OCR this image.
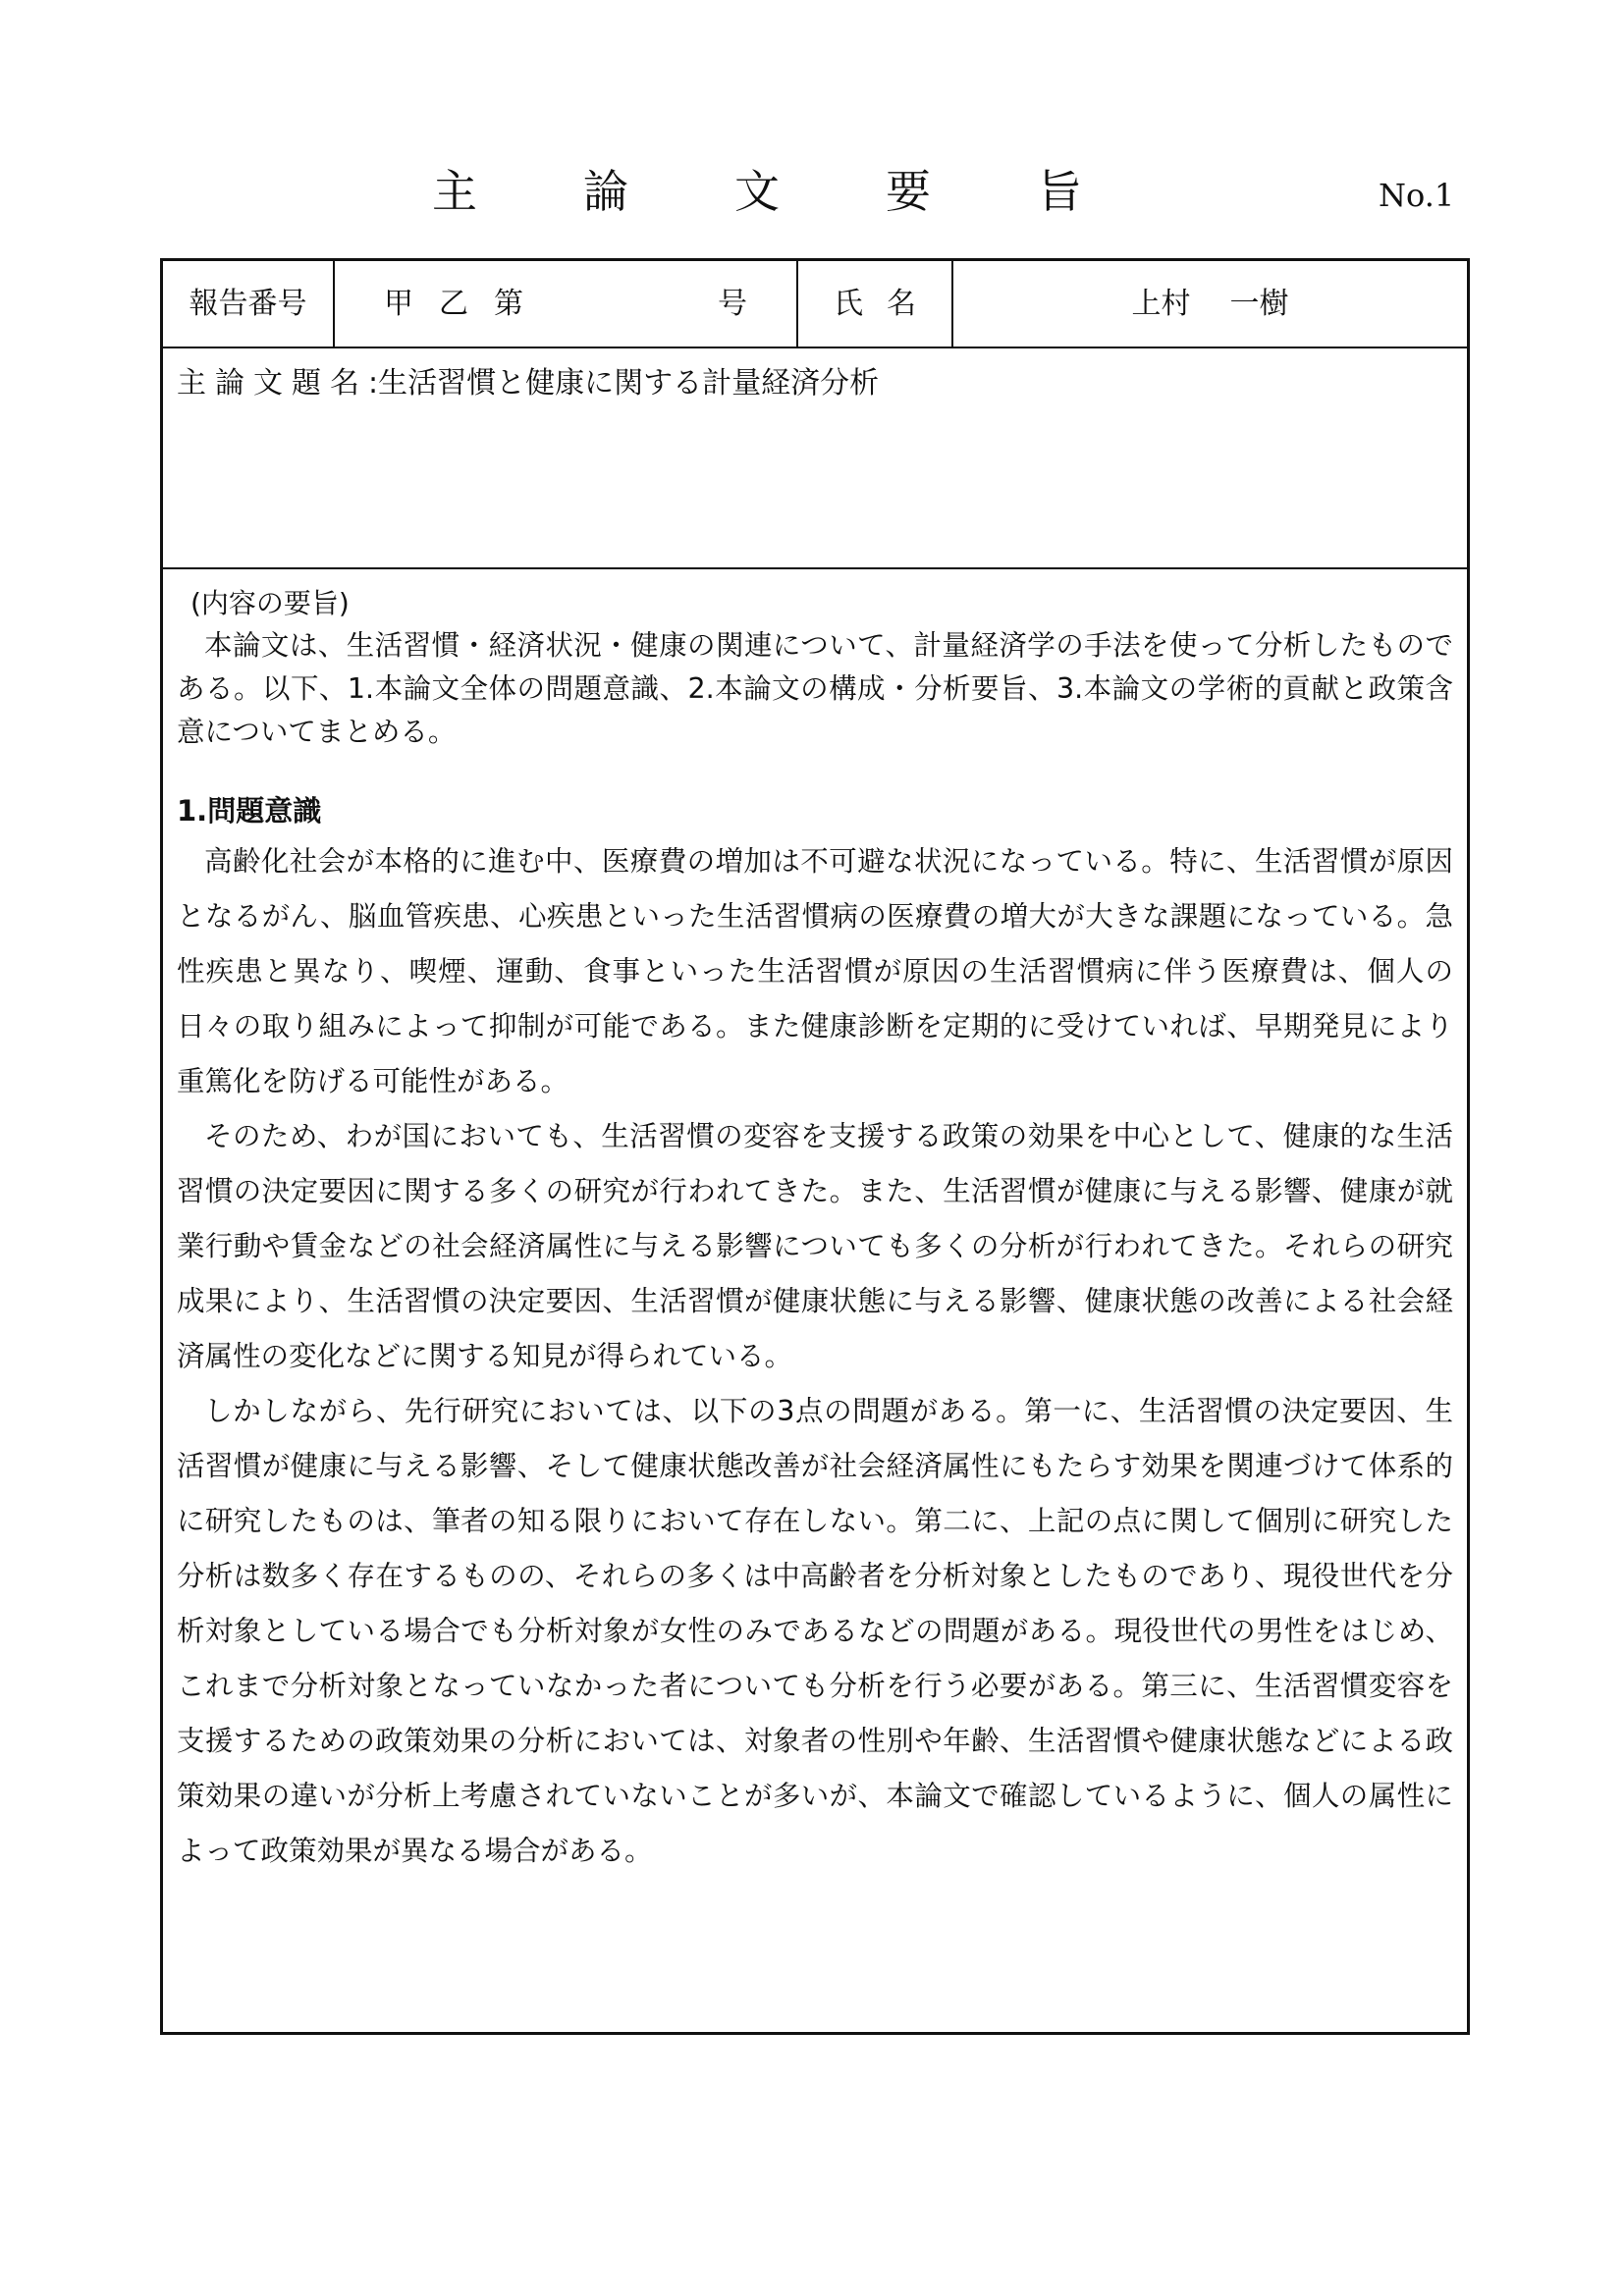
主論文要旨	No.1
報告番号	甲乙第	号	氏名	上村 一樹
主論文題名:生活習慣と健康に関する計量経済分析
(内容の要旨)

本論文は、生活習慣・経済状況・健康の関連について、計量経済学の手法を使って分析したものである。以下、1.本論文全体の問題意識、2.本論文の構成・分析要旨、3.本論文の学術的貢献と政策含意についてまとめる。

1.問題意識

高齢化社会が本格的に進む中、医療費の増加は不可避な状況になっている。特に、生活習慣が原因となるがん、脳血管疾患、心疾患といった生活習慣病の医療費の増大が大きな課題になっている。急性疾患と異なり、喫煙、運動、食事といった生活習慣が原因の生活習慣病に伴う医療費は、個人の日々の取り組みによって抑制が可能である。また健康診断を定期的に受けていれば、早期発見により重篤化を防げる可能性がある。

そのため、わが国においても、生活習慣の変容を支援する政策の効果を中心として、健康的な生活習慣の決定要因に関する多くの研究が行われてきた。また、生活習慣が健康に与える影響、健康が就業行動や賃金などの社会経済属性に与える影響についても多くの分析が行われてきた。それらの研究成果により、生活習慣の決定要因、生活習慣が健康状態に与える影響、健康状態の改善による社会経済属性の変化などに関する知見が得られている。

しかしながら、先行研究においては、以下の3点の問題がある。第一に、生活習慣の決定要因、生活習慣が健康に与える影響、そして健康状態改善が社会経済属性にもたらす効果を関連づけて体系的に研究したものは、筆者の知る限りにおいて存在しない。第二に、上記の点に関して個別に研究した分析は数多く存在するものの、それらの多くは中高齢者を分析対象としたものであり、現役世代を分析対象としている場合でも分析対象が女性のみであるなどの問題がある。現役世代の男性をはじめ、これまで分析対象となっていなかった者についても分析を行う必要がある。第三に、生活習慣変容を支援するための政策効果の分析においては、対象者の性別や年齢、生活習慣や健康状態などによる政策効果の違いが分析上考慮されていないことが多いが、本論文で確認しているように、個人の属性によって政策効果が異なる場合がある。
